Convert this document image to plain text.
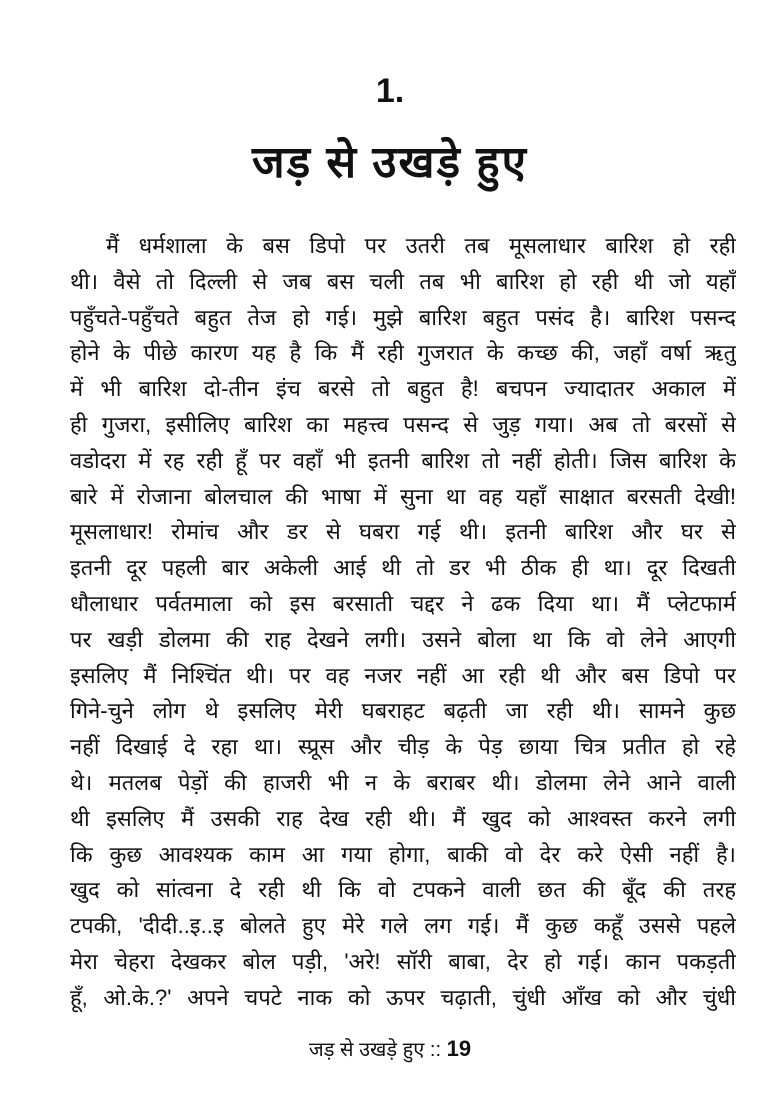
1.
जड़ से उखड़े हुए
मैं धर्मशाला के बस डिपो पर उतरी तब मूसलाधार बारिश हो रही
थी। वैसे तो दिल्ली से जब बस चली तब भी बारिश हो रही थी जो यहाँ
पहुँचते-पहुँचते बहुत तेज हो गई। मुझे बारिश बहुत पसंद है। बारिश पसन्द
होने के पीछे कारण यह है कि मैं रही गुजरात के कच्छ की, जहाँ वर्षा ऋतु
में भी बारिश दो-तीन इंच बरसे तो बहुत है! बचपन ज्यादातर अकाल में
ही गुजरा, इसीलिए बारिश का महत्त्व पसन्द से जुड़ गया। अब तो बरसों से
वडोदरा में रह रही हूँ पर वहाँ भी इतनी बारिश तो नहीं होती। जिस बारिश के
बारे में रोजाना बोलचाल की भाषा में सुना था वह यहाँ साक्षात बरसती देखी!
मूसलाधार! रोमांच और डर से घबरा गई थी। इतनी बारिश और घर से
इतनी दूर पहली बार अकेली आई थी तो डर भी ठीक ही था। दूर दिखती
धौलाधार पर्वतमाला को इस बरसाती चद्दर ने ढक दिया था। मैं प्लेटफार्म
पर खड़ी डोलमा की राह देखने लगी। उसने बोला था कि वो लेने आएगी
इसलिए मैं निश्चिंत थी। पर वह नजर नहीं आ रही थी और बस डिपो पर
गिने-चुने लोग थे इसलिए मेरी घबराहट बढ़ती जा रही थी। सामने कुछ
नहीं दिखाई दे रहा था। स्प्रूस और चीड़ के पेड़ छाया चित्र प्रतीत हो रहे
थे। मतलब पेड़ों की हाजरी भी न के बराबर थी। डोलमा लेने आने वाली
थी इसलिए मैं उसकी राह देख रही थी। मैं खुद को आश्वस्त करने लगी
कि कुछ आवश्यक काम आ गया होगा, बाकी वो देर करे ऐसी नहीं है।
खुद को सांत्वना दे रही थी कि वो टपकने वाली छत की बूँद की तरह
टपकी, 'दीदी..इ..इ बोलते हुए मेरे गले लग गई। मैं कुछ कहूँ उससे पहले
मेरा चेहरा देखकर बोल पड़ी, 'अरे! सॉरी बाबा, देर हो गई। कान पकड़ती
हूँ, ओ.के.?' अपने चपटे नाक को ऊपर चढ़ाती, चुंधी आँख को और चुंधी
जड़ से उखड़े हुए :: 19
